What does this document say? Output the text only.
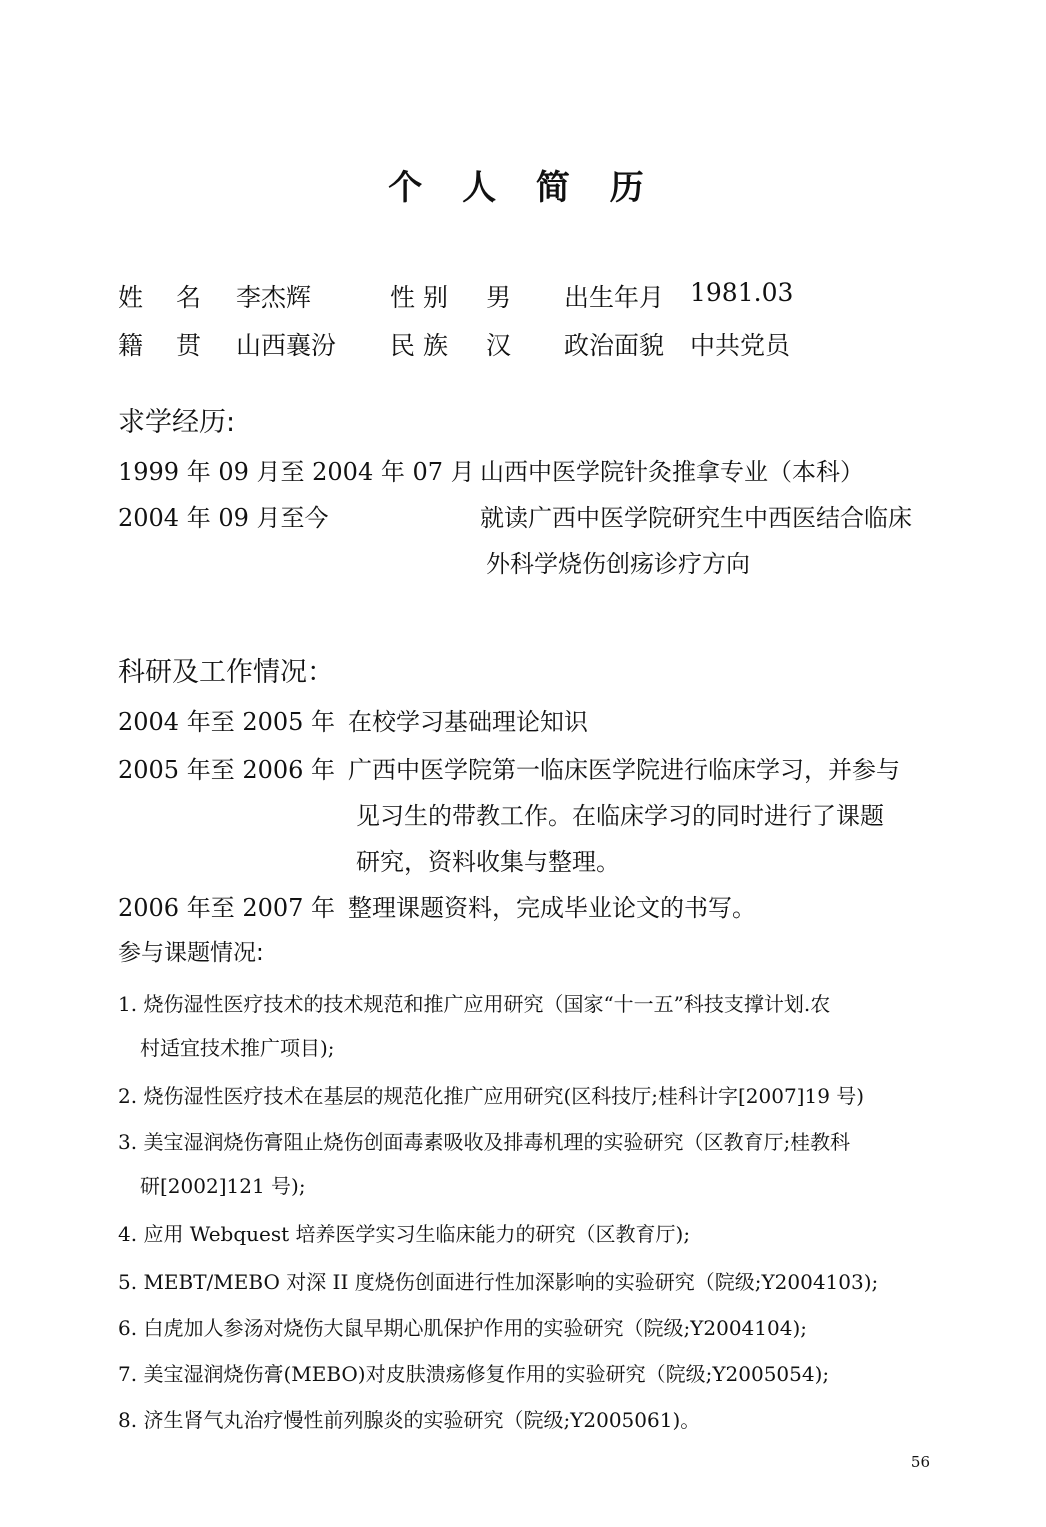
个 人 简 历
姓　 名 李杰辉	性 别 男 出生年月 1981.03
籍　 贯 山西襄汾 民 族 汉 政治面貌 中共党员
求学经历:
1999 年 09 月至 2004 年 07 月 山西中医学院针灸推拿专业（本科）
2004 年 09 月至今	就读广西中医学院研究生中西医结合临床
外科学烧伤创疡诊疗方向
科研及工作情况：
2004 年至 2005 年 在校学习基础理论知识
2005 年至 2006 年 广西中医学院第一临床医学院进行临床学习，并参与
见习生的带教工作。在临床学习的同时进行了课题
研究，资料收集与整理。
2006 年至 2007 年 整理课题资料，完成毕业论文的书写。
参与课题情况:
1. 烧伤湿性医疗技术的技术规范和推广应用研究（国家“十一五”科技支撑计划.农
村适宜技术推广项目);
2. 烧伤湿性医疗技术在基层的规范化推广应用研究(区科技厅;桂科计字[2007]19 号)
3. 美宝湿润烧伤膏阻止烧伤创面毒素吸收及排毒机理的实验研究（区教育厅;桂教科
研[2002]121 号);
4. 应用 Webquest 培养医学实习生临床能力的研究（区教育厅);
5. MEBT/MEBO 对深 II 度烧伤创面进行性加深影响的实验研究（院级;Y2004103);
6. 白虎加人参汤对烧伤大鼠早期心肌保护作用的实验研究（院级;Y2004104);
7. 美宝湿润烧伤膏(MEBO)对皮肤溃疡修复作用的实验研究（院级;Y2005054);
8. 济生肾气丸治疗慢性前列腺炎的实验研究（院级;Y2005061)。
56
